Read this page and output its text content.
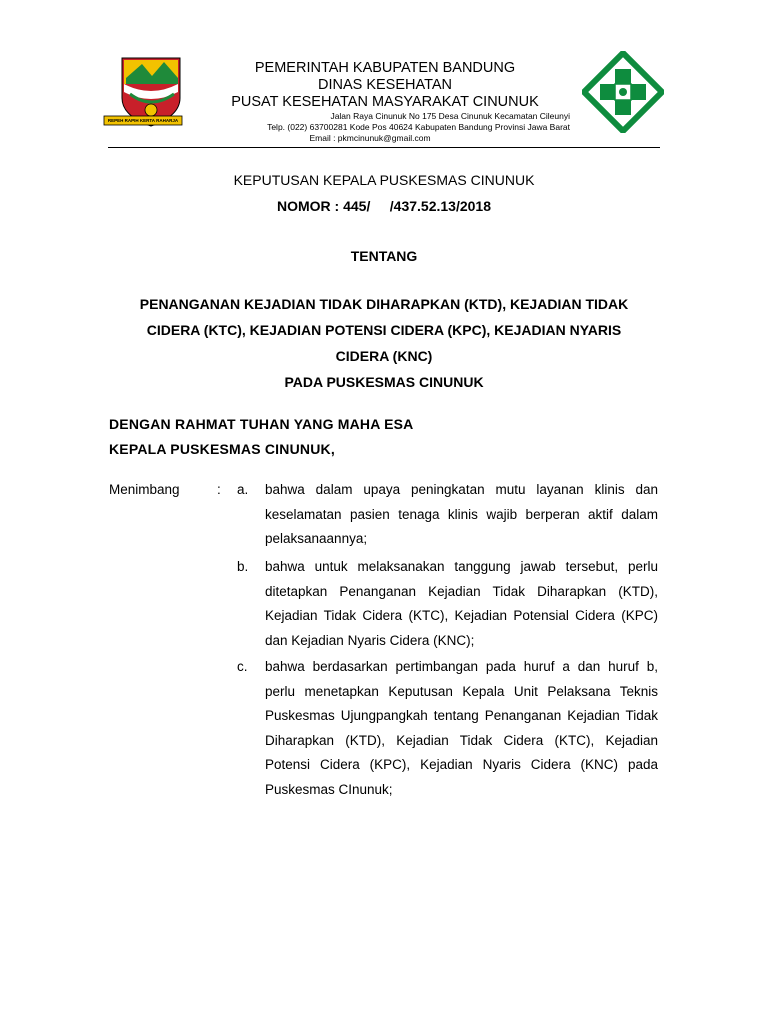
REPEH RAPIH KERTA RAHARJA
PEMERINTAH KABUPATEN BANDUNG
DINAS KESEHATAN
PUSAT KESEHATAN MASYARAKAT CINUNUK
Jalan Raya Cinunuk No 175 Desa Cinunuk Kecamatan Cileunyi
Telp. (022) 63700281 Kode Pos 40624 Kabupaten Bandung Provinsi Jawa Barat
Email : pkmcinunuk@gmail.com
KEPUTUSAN KEPALA PUSKESMAS CINUNUK
NOMOR : 445/     /437.52.13/2018
TENTANG
PENANGANAN KEJADIAN TIDAK DIHARAPKAN (KTD), KEJADIAN TIDAK
CIDERA (KTC), KEJADIAN POTENSI CIDERA (KPC), KEJADIAN NYARIS
CIDERA (KNC)
PADA PUSKESMAS CINUNUK
DENGAN RAHMAT TUHAN YANG MAHA ESA
KEPALA PUSKESMAS CINUNUK,
Menimbang	: a. bahwa dalam upaya peningkatan mutu layanan klinis dan keselamatan pasien tenaga klinis wajib berperan aktif dalam pelaksanaannya;
b. bahwa untuk melaksanakan tanggung jawab tersebut, perlu ditetapkan Penanganan Kejadian Tidak Diharapkan (KTD), Kejadian Tidak Cidera (KTC), Kejadian Potensial Cidera (KPC) dan Kejadian Nyaris Cidera (KNC);
c. bahwa berdasarkan pertimbangan pada huruf a dan huruf b, perlu menetapkan Keputusan Kepala Unit Pelaksana Teknis Puskesmas Ujungpangkah tentang Penanganan Kejadian Tidak Diharapkan (KTD), Kejadian Tidak Cidera (KTC), Kejadian Potensi Cidera (KPC), Kejadian Nyaris Cidera (KNC) pada Puskesmas CInunuk;
